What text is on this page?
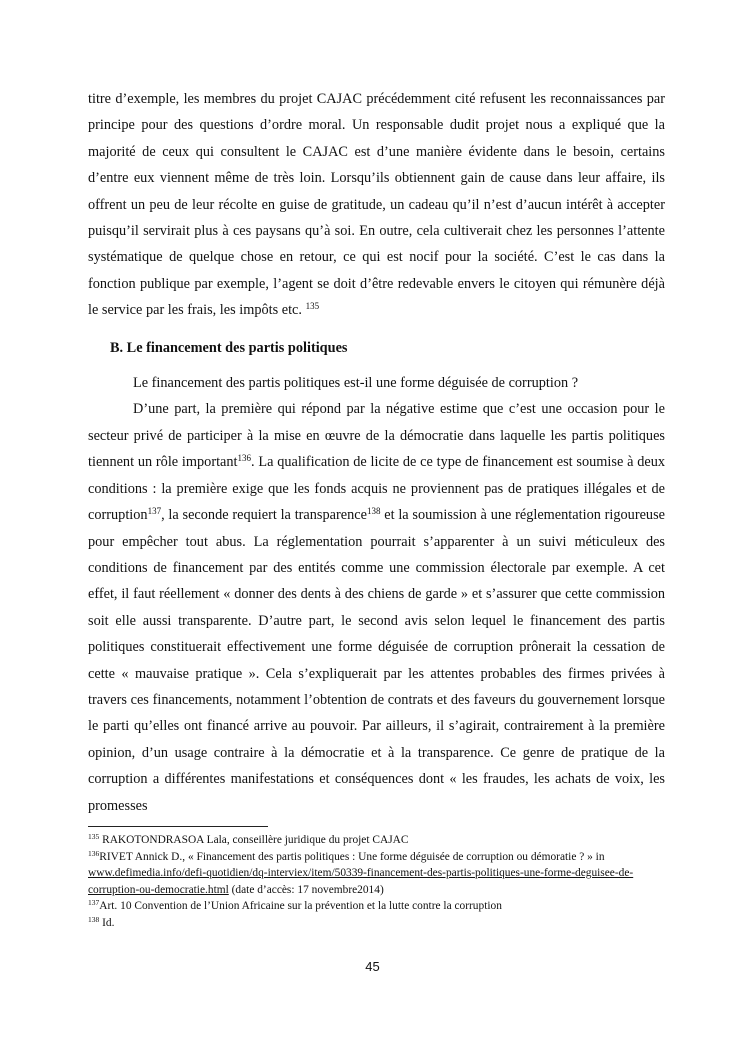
titre d’exemple, les membres du projet CAJAC précédemment cité refusent les reconnaissances par principe pour des questions d’ordre moral. Un responsable dudit projet nous a expliqué que la majorité de ceux qui consultent le CAJAC est d’une manière évidente dans le besoin, certains d’entre eux viennent même de très loin. Lorsqu’ils obtiennent gain de cause dans leur affaire, ils offrent un peu de leur récolte en guise de gratitude, un cadeau qu’il n’est d’aucun intérêt à accepter puisqu’il servirait plus à ces paysans qu’à soi. En outre, cela cultiverait chez les personnes l’attente systématique de quelque chose en retour, ce qui est nocif pour la société. C’est le cas dans la fonction publique par exemple, l’agent se doit d’être redevable envers le citoyen qui rémunère déjà le service par les frais, les impôts etc. $^{135}$

B. Le financement des partis politiques

Le financement des partis politiques est-il une forme déguisée de corruption ?

D’une part, la première qui répond par la négative estime que c’est une occasion pour le secteur privé de participer à la mise en œuvre de la démocratie dans laquelle les partis politiques tiennent un rôle important$^{136}$. La qualification de licite de ce type de financement est soumise à deux conditions : la première exige que les fonds acquis ne proviennent pas de pratiques illégales et de corruption$^{137}$, la seconde requiert la transparence$^{138}$ et la soumission à une réglementation rigoureuse pour empêcher tout abus. La réglementation pourrait s’apparenter à un suivi méticuleux des conditions de financement par des entités comme une commission électorale par exemple. A cet effet, il faut réellement « donner des dents à des chiens de garde » et s’assurer que cette commission soit elle aussi transparente. D’autre part, le second avis selon lequel le financement des partis politiques constituerait effectivement une forme déguisée de corruption prônerait la cessation de cette « mauvaise pratique ». Cela s’expliquerait par les attentes probables des firmes privées à travers ces financements, notamment l’obtention de contrats et des faveurs du gouvernement lorsque le parti qu’elles ont financé arrive au pouvoir. Par ailleurs, il s’agirait, contrairement à la première opinion, d’un usage contraire à la démocratie et à la transparence. Ce genre de pratique de la corruption a différentes manifestations et conséquences dont « les fraudes, les achats de voix, les promesses

$^{135}$ RAKOTONDRASOA Lala, conseillère juridique du projet CAJAC

$^{136}$RIVET Annick D., « Financement des partis politiques : Une forme déguisée de corruption ou démoratie ? » in www.defimedia.info/defi-quotidien/dq-interviex/item/50339-financement-des-partis-politiques-une-forme-deguisee-de-corruption-ou-democratie.html (date d’accès: 17 novembre2014)

$^{137}$Art. 10 Convention de l’Union Africaine sur la prévention et la lutte contre la corruption

$^{138}$ Id.

45
